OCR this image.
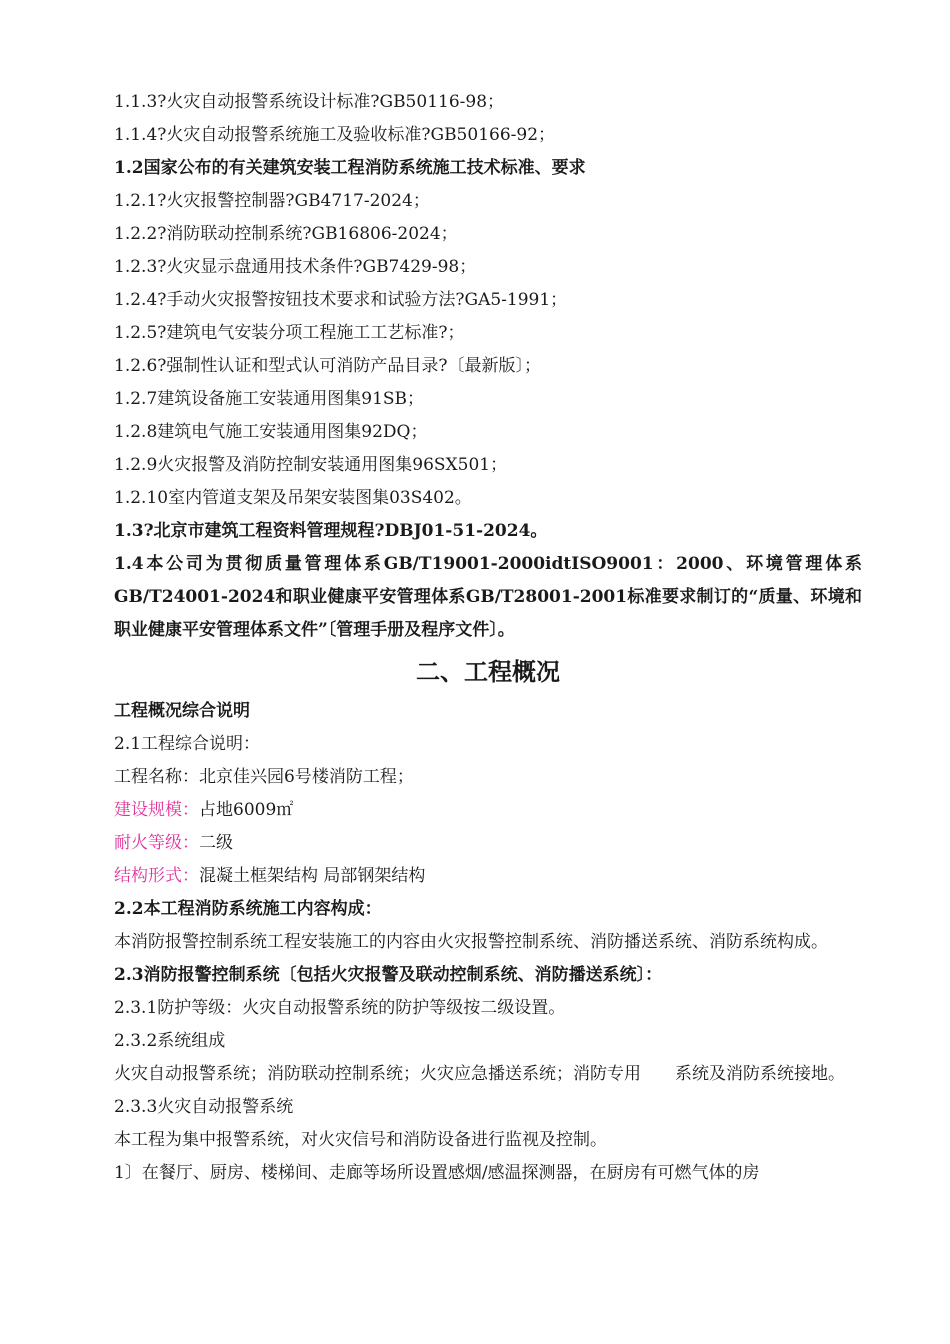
1.1.3?火灾自动报警系统设计标准?GB50116-98；
1.1.4?火灾自动报警系统施工及验收标准?GB50166-92；
1.2国家公布的有关建筑安装工程消防系统施工技术标准、要求
1.2.1?火灾报警控制器?GB4717-2024；
1.2.2?消防联动控制系统?GB16806-2024；
1.2.3?火灾显示盘通用技术条件?GB7429-98；
1.2.4?手动火灾报警按钮技术要求和试验方法?GA5-1991；
1.2.5?建筑电气安装分项工程施工工艺标准?；
1.2.6?强制性认证和型式认可消防产品目录?〔最新版〕；
1.2.7建筑设备施工安装通用图集91SB；
1.2.8建筑电气施工安装通用图集92DQ；
1.2.9火灾报警及消防控制安装通用图集96SX501；
1.2.10室内管道支架及吊架安装图集03S402。
1.3?北京市建筑工程资料管理规程?DBJ01-51-2024。
1.4本公司为贯彻质量管理体系GB/T19001-2000idtISO9001：2000、环境管理体系GB/T24001-2024和职业健康平安管理体系GB/T28001-2001标准要求制订的“质量、环境和职业健康平安管理体系文件”〔管理手册及程序文件〕。
二、工程概况
工程概况综合说明
2.1工程综合说明：
工程名称：北京佳兴园6号楼消防工程；
建设规模：占地6009㎡
耐火等级：二级
结构形式：混凝土框架结构 局部钢架结构
2.2本工程消防系统施工内容构成：
本消防报警控制系统工程安装施工的内容由火灾报警控制系统、消防播送系统、消防系统构成。
2.3消防报警控制系统〔包括火灾报警及联动控制系统、消防播送系统〕：
2.3.1防护等级：火灾自动报警系统的防护等级按二级设置。
2.3.2系统组成
火灾自动报警系统；消防联动控制系统；火灾应急播送系统；消防专用　　系统及消防系统接地。
2.3.3火灾自动报警系统
本工程为集中报警系统，对火灾信号和消防设备进行监视及控制。
1〕在餐厅、厨房、楼梯间、走廊等场所设置感烟/感温探测器，在厨房有可燃气体的房
